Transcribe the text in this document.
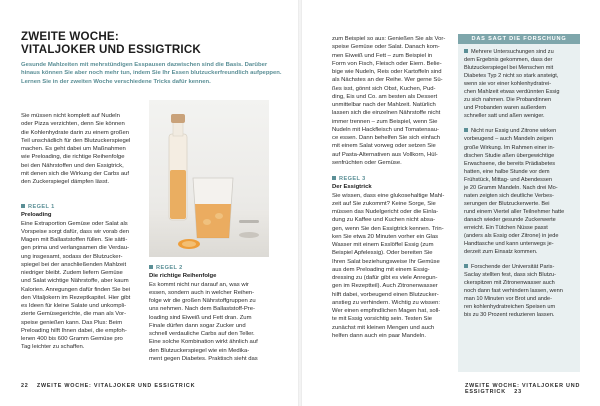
ZWEITE WOCHE:
VITALJOKER UND ESSIGTRICK
Gesunde Mahlzeiten mit mehrstündigen Esspausen dazwischen sind die Basis. Darüber hinaus können Sie aber noch mehr tun, indem Sie Ihr Essen blutzuckerfreundlich aufpeppen. Lernen Sie in der zweiten Woche verschiedene Tricks dafür kennen.
Sie müssen nicht komplett auf Nudeln
oder Pizza verzichten, denn Sie können
die Kohlenhydrate darin zu einem großen
Teil unschädlich für den Blutzuckerspiegel
machen. Es geht dabei um Maßnahmen
wie Preloading, die richtige Reihenfolge
bei den Nährstoffen und den Essigtrick,
mit denen sich die Wirkung der Carbs auf
den Zuckerspiegel dämpfen lässt.

REGEL 1

Preloading

Eine Extraportion Gemüse oder Salat als
Vorspeise sorgt dafür, dass wir vorab den
Magen mit Ballaststoffen füllen. Sie sätti-
gen prima und verlangsamen die Verdau-
ung insgesamt, sodass der Blutzucker-
spiegel bei der anschließenden Mahlzeit
niedriger bleibt. Zudem liefern Gemüse
und Salat wichtige Nährstoffe, aber kaum
Kalorien. Anregungen dafür finden Sie bei
den Vitaljokern im Rezeptkapitel. Hier gibt
es Ideen für kleine Salate und unkompli-
zierte Gemüsegerichte, die man als Vor-
speise genießen kann. Das Plus: Beim
Preloading hilft Ihnen dabei, die empfoh-
lenen 400 bis 600 Gramm Gemüse pro
Tag leichter zu schaffen.

REGEL 2

Die richtige Reihenfolge

Es kommt nicht nur darauf an, was wir
essen, sondern auch in welcher Reihen-
folge wir die großen Nährstoffgruppen zu
uns nehmen. Nach dem Ballaststoff-Pre-
loading sind Eiweiß und Fett dran. Zum
Finale dürfen dann sogar Zucker und
schnell verdauliche Carbs auf den Teller.
Eine solche Kombination wirkt ähnlich auf
den Blutzuckerspiegel wie ein Medika-
ment gegen Diabetes. Praktisch sieht das
22 ZWEITE WOCHE: VITALJOKER UND ESSIGTRICK
zum Beispiel so aus: Genießen Sie als Vor-
speise Gemüse oder Salat. Danach kom-
men Eiweiß und Fett – zum Beispiel in
Form von Fisch, Fleisch oder Eiern. Belie-
bige wie Nudeln, Reis oder Kartoffeln sind
als Nächstes an der Reihe. Wer gerne Sü-
ßes isst, gönnt sich Obst, Kuchen, Pud-
ding, Eis und Co. am besten als Dessert
unmittelbar nach der Mahlzeit. Natürlich
lassen sich die einzelnen Nährstoffe nicht
immer trennen – zum Beispiel, wenn Sie
Nudeln mit Hackfleisch und Tomatensau-
ce essen. Dann behelfen Sie sich einfach
mit einem Salat vorweg oder setzen Sie
auf Pasta-Alternativen aus Vollkorn, Hül-
senfrüchten oder Gemüse.

REGEL 3

Der Essigtrick

Sie wissen, dass eine glukosehaltige Mahl-
zeit auf Sie zukommt? Keine Sorge, Sie
müssen das Nudelgericht oder die Einla-
dung zu Kaffee und Kuchen nicht absa-
gen, wenn Sie den Essigtrick kennen. Trin-
ken Sie etwa 20 Minuten vorher ein Glas
Wasser mit einem Esslöffel Essig (zum
Beispiel Apfelessig). Oder bereiten Sie
Ihren Salat beziehungsweise Ihr Gemüse
aus dem Preloading mit einem Essig-
dressing zu (dafür gibt es viele Anregun-
gen im Rezeptteil). Auch Zitronenwasser
hilft dabei, vorbeugend einen Blutzucker-
anstieg zu verhindern. Wichtig zu wissen:
Wer einen empfindlichen Magen hat, soll-
te mit Essig vorsichtig sein. Testen Sie
zunächst mit kleinen Mengen und auch
helfen dann auch ein paar Mandeln.
ZWEITE WOCHE: VITALJOKER UND ESSIGTRICK 23
DAS SAGT DIE FORSCHUNG
Mehrere Untersuchungen sind zu
dem Ergebnis gekommen, dass der
Blutzuckerspiegel bei Menschen mit
Diabetes Typ 2 nicht so stark ansteigt,
wenn sie vor einer kohlenhydratrei-
chen Mahlzeit etwas verdünnten Essig
zu sich nahmen. Die Probandinnen
und Probanden waren außerdem
schneller satt und aßen weniger.
Nicht nur Essig und Zitrone wirken
vorbeugend – auch Mandeln zeigen
große Wirkung. Im Rahmen einer in-
dischen Studie aßen übergewichtige
Erwachsene, die bereits Prädiabetes
hatten, eine halbe Stunde vor dem
Frühstück, Mittag- und Abendessen
je 20 Gramm Mandeln. Nach drei Mo-
naten zeigten sich deutliche Verbes-
serungen der Blutzuckerwerte. Bei
rund einem Viertel aller Teilnehmer hatte
danach wieder gesunde Zuckerwerte
erreicht. Ein Tütchen Nüsse passt
(anders als Essig oder Zitrone) in jede
Handtasche und kann unterwegs je-
derzeit zum Einsatz kommen.
Forschende der Universität Paris-
Saclay stellten fest, dass sich Blutzu-
ckerspitzen mit Zitronenwasser auch
noch dann fast verhindern lassen, wenn
man 10 Minuten vor Brot und ande-
ren kohlenhydratreichen Speisen um
bis zu 30 Prozent reduzieren lassen.
